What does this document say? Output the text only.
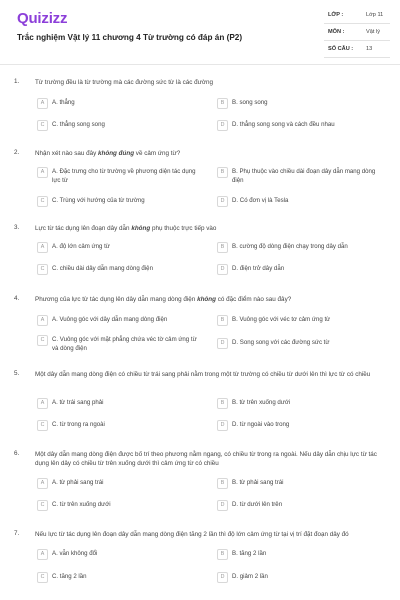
Quizizz
Trắc nghiệm Vật lý 11 chương 4 Từ trường có đáp án (P2)
LỚP :	Lớp 11
MÔN :	Vật lý
SỐ CÂU : 13
1. Từ trường đều là từ trường mà các đường sức từ là các đường
A	A. thẳng	B	B. song song
C	C. thẳng song song	D	D. thẳng song song và cách đều nhau
2. Nhận xét nào sau đây không đúng về cảm ứng từ?
A	A. Đặc trưng cho từ trường về phương diện tác dụng lực từ
B	B. Phụ thuộc vào chiều dài đoạn dây dẫn mang dòng điện
C	C. Trùng với hướng của từ trường	D	D. Có đơn vị là Tesla
3. Lực từ tác dụng lên đoạn dây dẫn không phụ thuộc trực tiếp vào
A	A. độ lớn cảm ứng từ	B	B. cường độ dòng điện chạy trong dây dẫn
C	C. chiều dài dây dẫn mang dòng điện	D	D. điện trở dây dẫn
4. Phương của lực từ tác dụng lên dây dẫn mang dòng điện không có đặc điểm nào sau đây?
A	A. Vuông góc với dây dẫn mang dòng điện	B	B. Vuông góc với véc tơ cảm ứng từ
C	C. Vuông góc với mặt phẳng chứa véc tờ cảm ứng từ và dòng điện
D	D. Song song với các đường sức từ
5. Một dây dẫn mang dòng điện có chiều từ trái sang phải nằm trong một từ trường có chiều từ dưới lên thì lực từ có chiều
A	A. từ trái sang phải	B	B. từ trên xuống dưới
C	C. từ trong ra ngoài	D	D. từ ngoài vào trong
6. Một dây dẫn mang dòng điện được bố trí theo phương nằm ngang, có chiều từ trong ra ngoài. Nếu dây dẫn chịu lực từ tác dụng lên dây có chiều từ trên xuống dưới thì cảm ứng từ có chiều
A	A. từ phải sang trái	B	B. từ phải sang trái
C	C. từ trên xuống dưới	D	D. từ dưới lên trên
7. Nếu lực từ tác dụng lên đoạn dây dẫn mang dòng điện tăng 2 lần thì độ lớn cảm ứng từ tại vị trí đặt đoạn dây đó
A	A. vẫn không đổi	B	B. tăng 2 lần
C	C. tăng 2 lần	D	D. giảm 2 lần
